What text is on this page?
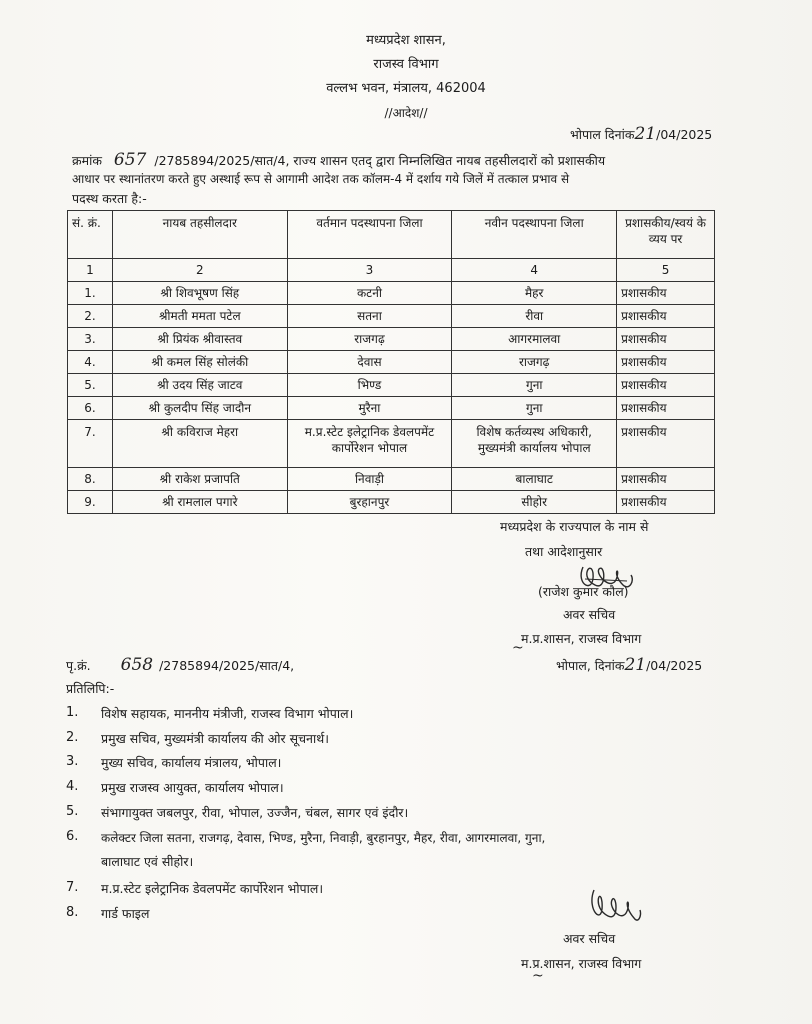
मध्यप्रदेश शासन,
राजस्व विभाग
वल्लभ भवन, मंत्रालय, 462004
//आदेश//
भोपाल दिनांक21/04/2025
क्रमांक 657 /2785894/2025/सात/4, राज्य शासन एतद् द्वारा निम्नलिखित नायब तहसीलदारों को प्रशासकीय
आधार पर स्थानांतरण करते हुए अस्थाई रूप से आगामी आदेश तक कॉलम-4 में दर्शाय गये जिलें में तत्काल प्रभाव से
पदस्थ करता है:-
सं. क्रं.	नायब तहसीलदार	वर्तमान पदस्थापना जिला	नवीन पदस्थापना जिला	प्रशासकीय/स्वयं के व्यय पर
1	2	3	4	5
1.	श्री शिवभूषण सिंह	कटनी	मैहर	प्रशासकीय
2.	श्रीमती ममता पटेल	सतना	रीवा	प्रशासकीय
3.	श्री प्रियंक श्रीवास्तव	राजगढ़	आगरमालवा	प्रशासकीय
4.	श्री कमल सिंह सोलंकी	देवास	राजगढ़	प्रशासकीय
5.	श्री उदय सिंह जाटव	भिण्ड	गुना	प्रशासकीय
6.	श्री कुलदीप सिंह जादौन	मुरैना	गुना	प्रशासकीय
7.	श्री कविराज मेहरा	म.प्र.स्टेट इलेट्रानिक डेवलपमेंट कार्पोरेशन भोपाल	विशेष कर्तव्यस्थ अधिकारी, मुख्यमंत्री कार्यालय भोपाल	प्रशासकीय
8.	श्री राकेश प्रजापति	निवाड़ी	बालाघाट	प्रशासकीय
9.	श्री रामलाल पगारे	बुरहानपुर	सीहोर	प्रशासकीय
मध्यप्रदेश के राज्यपाल के नाम से
तथा आदेशानुसार
(राजेश कुमार कौल)
अवर सचिव
म.प्र.शासन, राजस्व विभाग
पृ.क्रं. 658 /2785894/2025/सात/4,
~
भोपाल, दिनांक21/04/2025
प्रतिलिपि:-
1. विशेष सहायक, माननीय मंत्रीजी, राजस्व विभाग भोपाल।
2. प्रमुख सचिव, मुख्यमंत्री कार्यालय की ओर सूचनार्थ।
3. मुख्य सचिव, कार्यालय मंत्रालय, भोपाल।
4. प्रमुख राजस्व आयुक्त, कार्यालय भोपाल।
5. संभागायुक्त जबलपुर, रीवा, भोपाल, उज्जैन, चंबल, सागर एवं इंदौर।
6. कलेक्टर जिला सतना, राजगढ़, देवास, भिण्ड, मुरैना, निवाड़ी, बुरहानपुर, मैहर, रीवा, आगरमालवा, गुना,
बालाघाट एवं सीहोर।
7. म.प्र.स्टेट इलेट्रानिक डेवलपमेंट कार्पोरेशन भोपाल।
8. गार्ड फाइल
अवर सचिव
म.प्र.शासन, राजस्व विभाग
~
